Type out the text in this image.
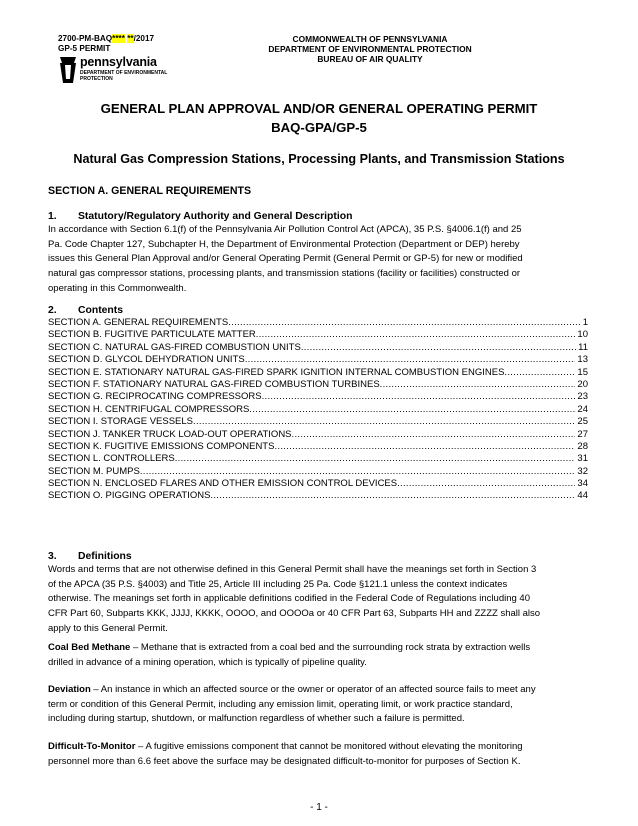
2700-PM-BAQ**** **/2017
GP-5 PERMIT
COMMONWEALTH OF PENNSYLVANIA
DEPARTMENT OF ENVIRONMENTAL PROTECTION
BUREAU OF AIR QUALITY
pennsylvania
DEPARTMENT OF ENVIRONMENTAL
PROTECTION
GENERAL PLAN APPROVAL AND/OR GENERAL OPERATING PERMIT
BAQ-GPA/GP-5
Natural Gas Compression Stations, Processing Plants, and Transmission Stations
SECTION A. GENERAL REQUIREMENTS
1. Statutory/Regulatory Authority and General Description
In accordance with Section 6.1(f) of the Pennsylvania Air Pollution Control Act (APCA), 35 P.S. §4006.1(f) and 25
Pa. Code Chapter 127, Subchapter H, the Department of Environmental Protection (Department or DEP) hereby
issues this General Plan Approval and/or General Operating Permit (General Permit or GP-5) for new or modified
natural gas compressor stations, processing plants, and transmission stations (facility or facilities) constructed or
operating in this Commonwealth.
2. Contents
SECTION A. GENERAL REQUIREMENTS .....	1
SECTION B. FUGITIVE PARTICULATE MATTER .....	10
SECTION C. NATURAL GAS-FIRED COMBUSTION UNITS .....	11
SECTION D. GLYCOL DEHYDRATION UNITS .....	13
SECTION E. STATIONARY NATURAL GAS-FIRED SPARK IGNITION INTERNAL COMBUSTION ENGINES .....	15
SECTION F. STATIONARY NATURAL GAS-FIRED COMBUSTION TURBINES .....	20
SECTION G. RECIPROCATING COMPRESSORS .....	23
SECTION H. CENTRIFUGAL COMPRESSORS .....	24
SECTION I. STORAGE VESSELS .....	25
SECTION J. TANKER TRUCK LOAD-OUT OPERATIONS .....	27
SECTION K. FUGITIVE EMISSIONS COMPONENTS .....	28
SECTION L. CONTROLLERS .....	31
SECTION M. PUMPS .....	32
SECTION N. ENCLOSED FLARES AND OTHER EMISSION CONTROL DEVICES .....	34
SECTION O. PIGGING OPERATIONS .....	44
3. Definitions
Words and terms that are not otherwise defined in this General Permit shall have the meanings set forth in Section 3
of the APCA (35 P.S. §4003) and Title 25, Article III including 25 Pa. Code §121.1 unless the context indicates
otherwise. The meanings set forth in applicable definitions codified in the Federal Code of Regulations including 40
CFR Part 60, Subparts KKK, JJJJ, KKKK, OOOO, and OOOOa or 40 CFR Part 63, Subparts HH and ZZZZ shall also
apply to this General Permit.
Coal Bed Methane – Methane that is extracted from a coal bed and the surrounding rock strata by extraction wells
drilled in advance of a mining operation, which is typically of pipeline quality.
Deviation – An instance in which an affected source or the owner or operator of an affected source fails to meet any
term or condition of this General Permit, including any emission limit, operating limit, or work practice standard,
including during startup, shutdown, or malfunction regardless of whether such a failure is permitted.
Difficult-To-Monitor – A fugitive emissions component that cannot be monitored without elevating the monitoring
personnel more than 6.6 feet above the surface may be designated difficult-to-monitor for purposes of Section K.
- 1 -
